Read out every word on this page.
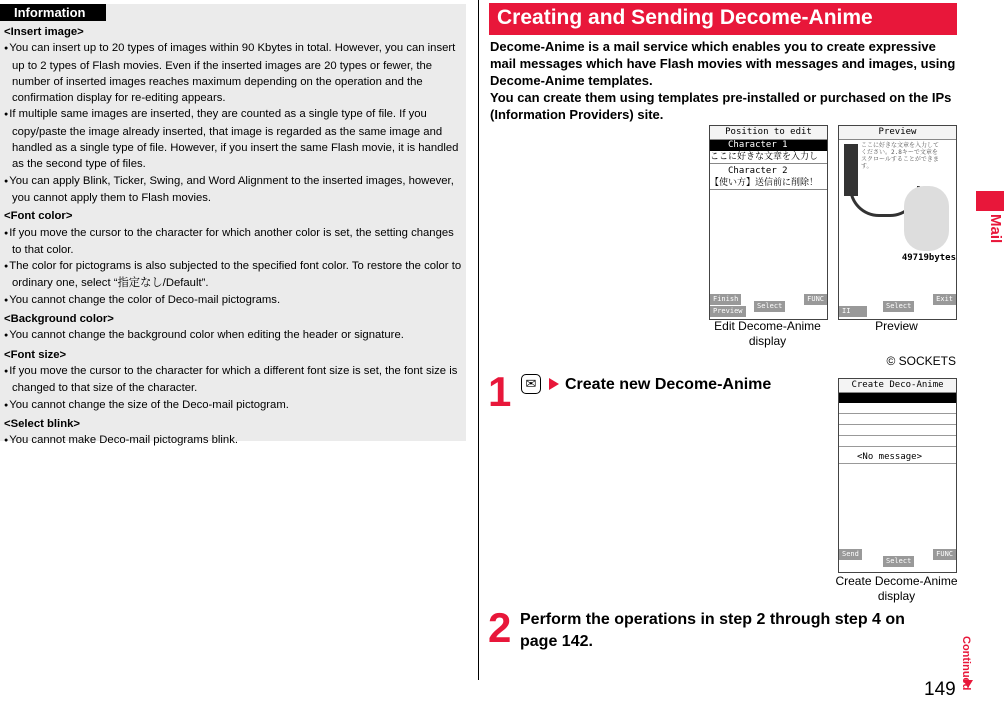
Information
<Insert image>
● You can insert up to 20 types of images within 90 Kbytes in total. However, you can insert up to 2 types of Flash movies. Even if the inserted images are 20 types or fewer, the number of inserted images reaches maximum depending on the operation and the confirmation display for re-editing appears.
● If multiple same images are inserted, they are counted as a single type of file. If you copy/paste the image already inserted, that image is regarded as the same image and handled as a single type of file. However, if you insert the same Flash movie, it is handled as the second type of files.
● You can apply Blink, Ticker, Swing, and Word Alignment to the inserted images, however, you cannot apply them to Flash movies.
<Font color>
● If you move the cursor to the character for which another color is set, the setting changes to that color.
● The color for pictograms is also subjected to the specified font color. To restore the color to ordinary one, select “指定なし/Default”.
● You cannot change the color of Deco-mail pictograms.
<Background color>
● You cannot change the background color when editing the header or signature.
<Font size>
● If you move the cursor to the character for which a different font size is set, the font size is changed to that size of the character.
● You cannot change the size of the Deco-mail pictogram.
<Select blink>
● You cannot make Deco-mail pictograms blink.
Creating and Sending Decome-Anime
Decome-Anime is a mail service which enables you to create expressive mail messages which have Flash movies with messages and images, using Decome-Anime templates.
You can create them using templates pre-installed or purchased on the IPs (Information Providers) site.
Position to edit
Character 1
ここに好きな文章を入力し
Character 2
【使い方】送信前に削除！
Finish
Preview
Select
FUNC
Edit Decome-Anime display
Preview
ここに好きな文章を入力してください。2.8キーで文章をスクロールすることができます。
49719bytes
II
Select
Exit
Preview
© SOCKETS
1	✉ Create new Decome-Anime	Create Deco-Anime
<No message>
Send
Select
FUNC
Create Decome-Anime display
2 Perform the operations in step 2 through step 4 on page 142.
Mail
Continued
149
